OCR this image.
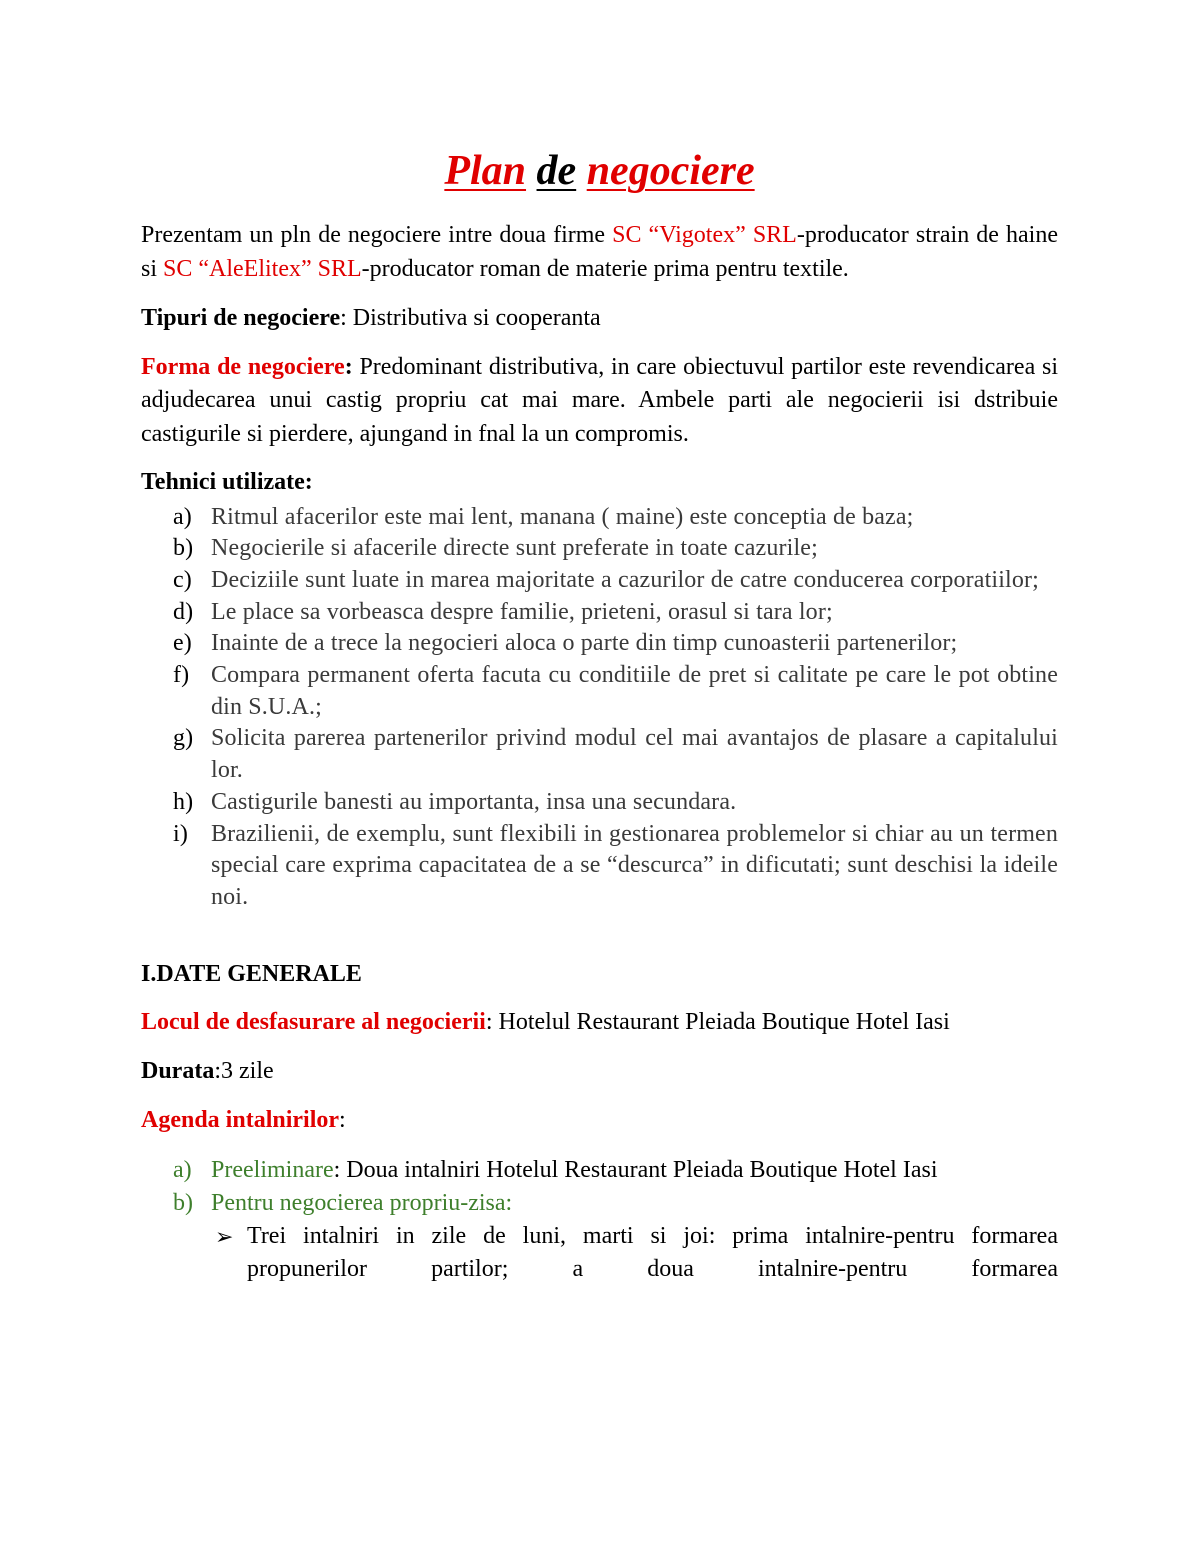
Plan de negociere

Prezentam un pln de negociere intre doua firme SC “Vigotex” SRL-producator strain de haine si SC “AleElitex” SRL-producator roman de materie prima pentru textile.

Tipuri de negociere: Distributiva si cooperanta

Forma de negociere: Predominant distributiva, in care obiectuvul partilor este revendicarea si adjudecarea unui castig propriu cat mai mare. Ambele parti ale negocierii isi dstribuie castigurile si pierdere, ajungand in fnal la un compromis.

Tehnici utilizate:

a) Ritmul afacerilor este mai lent, manana ( maine) este conceptia de baza;
b) Negocierile si afacerile directe sunt preferate in toate cazurile;
c) Deciziile sunt luate in marea majoritate a cazurilor de catre conducerea corporatiilor;
d) Le place sa vorbeasca despre familie, prieteni, orasul si tara lor;
e) Inainte de a trece la negocieri aloca o parte din timp cunoasterii partenerilor;
f) Compara permanent oferta facuta cu conditiile de pret si calitate pe care le pot obtine din S.U.A.;
g) Solicita parerea partenerilor privind modul cel mai avantajos de plasare a capitalului lor.
h) Castigurile banesti au importanta, insa una secundara.
i) Brazilienii, de exemplu, sunt flexibili in gestionarea problemelor si chiar au un termen special care exprima capacitatea de a se “descurca” in dificutati; sunt deschisi la ideile noi.

I.DATE GENERALE

Locul de desfasurare al negocierii: Hotelul Restaurant Pleiada Boutique Hotel Iasi

Durata:3 zile

Agenda intalnirilor:

a) Preeliminare: Doua intalniri Hotelul Restaurant Pleiada Boutique Hotel Iasi
b) Pentru negocierea propriu-zisa:
➢ Trei intalniri in zile de luni, marti si joi: prima intalnire-pentru formarea propunerilor partilor; a doua intalnire-pentru formarea
